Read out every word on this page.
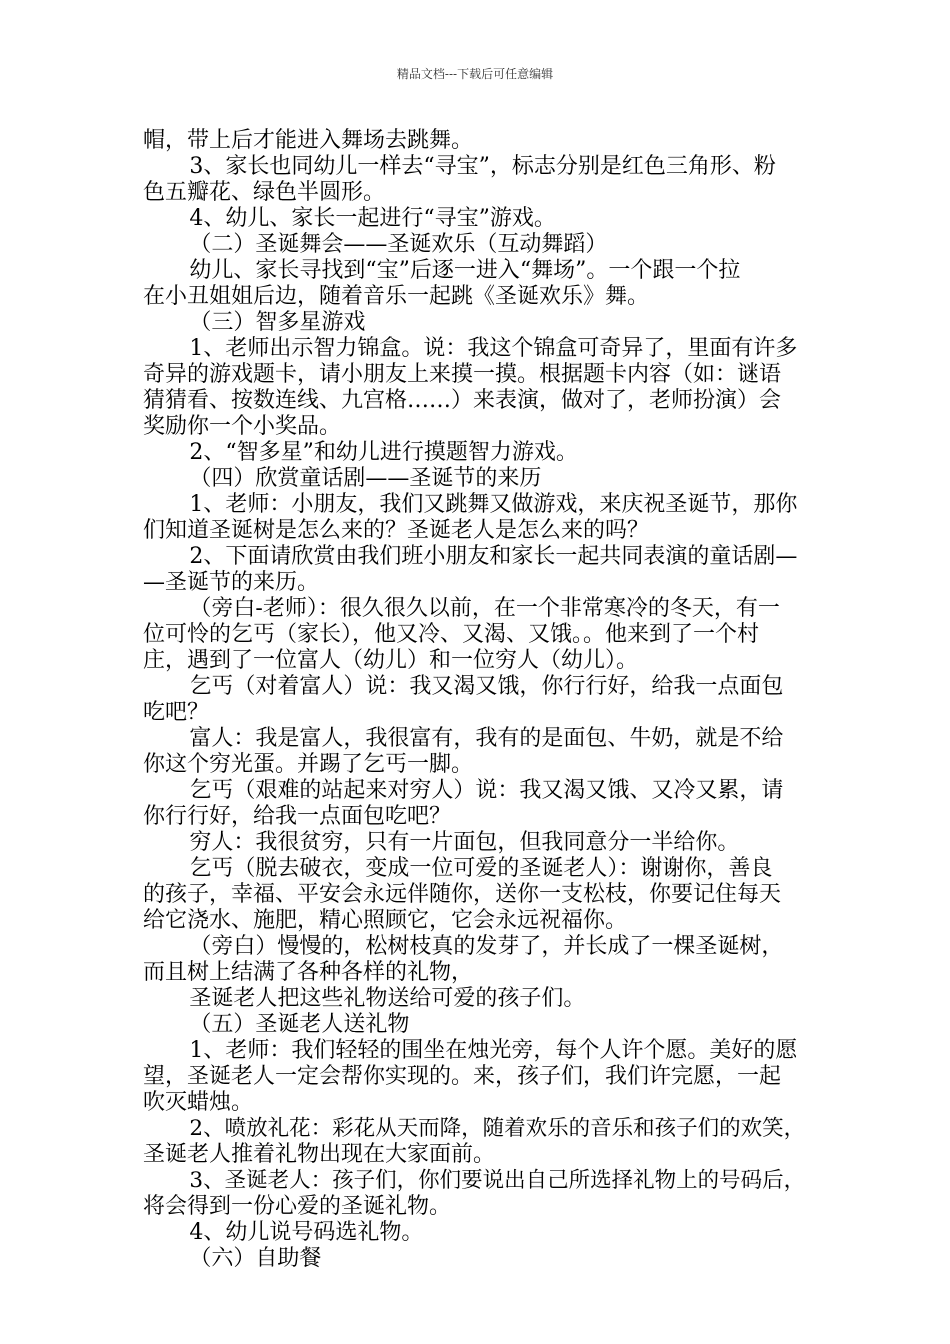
精品文档---下载后可任意编辑
帽，带上后才能进入舞场去跳舞。
3、家长也同幼儿一样去“寻宝”，标志分别是红色三角形、粉
色五瓣花、绿色半圆形。
4、幼儿、家长一起进行“寻宝”游戏。
（二）圣诞舞会——圣诞欢乐（互动舞蹈）
幼儿、家长寻找到“宝”后逐一进入“舞场”。一个跟一个拉
在小丑姐姐后边，随着音乐一起跳《圣诞欢乐》舞。
（三）智多星游戏
1、老师出示智力锦盒。说：我这个锦盒可奇异了，里面有许多
奇异的游戏题卡，请小朋友上来摸一摸。根据题卡内容（如：谜语
猜猜看、按数连线、九宫格……）来表演，做对了，老师扮演）会
奖励你一个小奖品。
2、“智多星”和幼儿进行摸题智力游戏。
（四）欣赏童话剧——圣诞节的来历
1、老师：小朋友，我们又跳舞又做游戏，来庆祝圣诞节，那你
们知道圣诞树是怎么来的？圣诞老人是怎么来的吗？
2、下面请欣赏由我们班小朋友和家长一起共同表演的童话剧—
—圣诞节的来历。
（旁白-老师）：很久很久以前，在一个非常寒冷的冬天，有一
位可怜的乞丐（家长），他又冷、又渴、又饿。。他来到了一个村
庄，遇到了一位富人（幼儿）和一位穷人（幼儿）。
乞丐（对着富人）说：我又渴又饿，你行行好，给我一点面包
吃吧？
富人：我是富人，我很富有，我有的是面包、牛奶，就是不给
你这个穷光蛋。并踢了乞丐一脚。
乞丐（艰难的站起来对穷人）说：我又渴又饿、又冷又累，请
你行行好，给我一点面包吃吧？
穷人：我很贫穷，只有一片面包，但我同意分一半给你。
乞丐（脱去破衣，变成一位可爱的圣诞老人）：谢谢你，善良
的孩子，幸福、平安会永远伴随你，送你一支松枝，你要记住每天
给它浇水、施肥，精心照顾它，它会永远祝福你。
（旁白）慢慢的，松树枝真的发芽了，并长成了一棵圣诞树，
而且树上结满了各种各样的礼物，
圣诞老人把这些礼物送给可爱的孩子们。
（五）圣诞老人送礼物
1、老师：我们轻轻的围坐在烛光旁，每个人许个愿。美好的愿
望，圣诞老人一定会帮你实现的。来，孩子们，我们许完愿，一起
吹灭蜡烛。
2、喷放礼花：彩花从天而降，随着欢乐的音乐和孩子们的欢笑，
圣诞老人推着礼物出现在大家面前。
3、圣诞老人：孩子们，你们要说出自己所选择礼物上的号码后，
将会得到一份心爱的圣诞礼物。
4、幼儿说号码选礼物。
（六）自助餐
